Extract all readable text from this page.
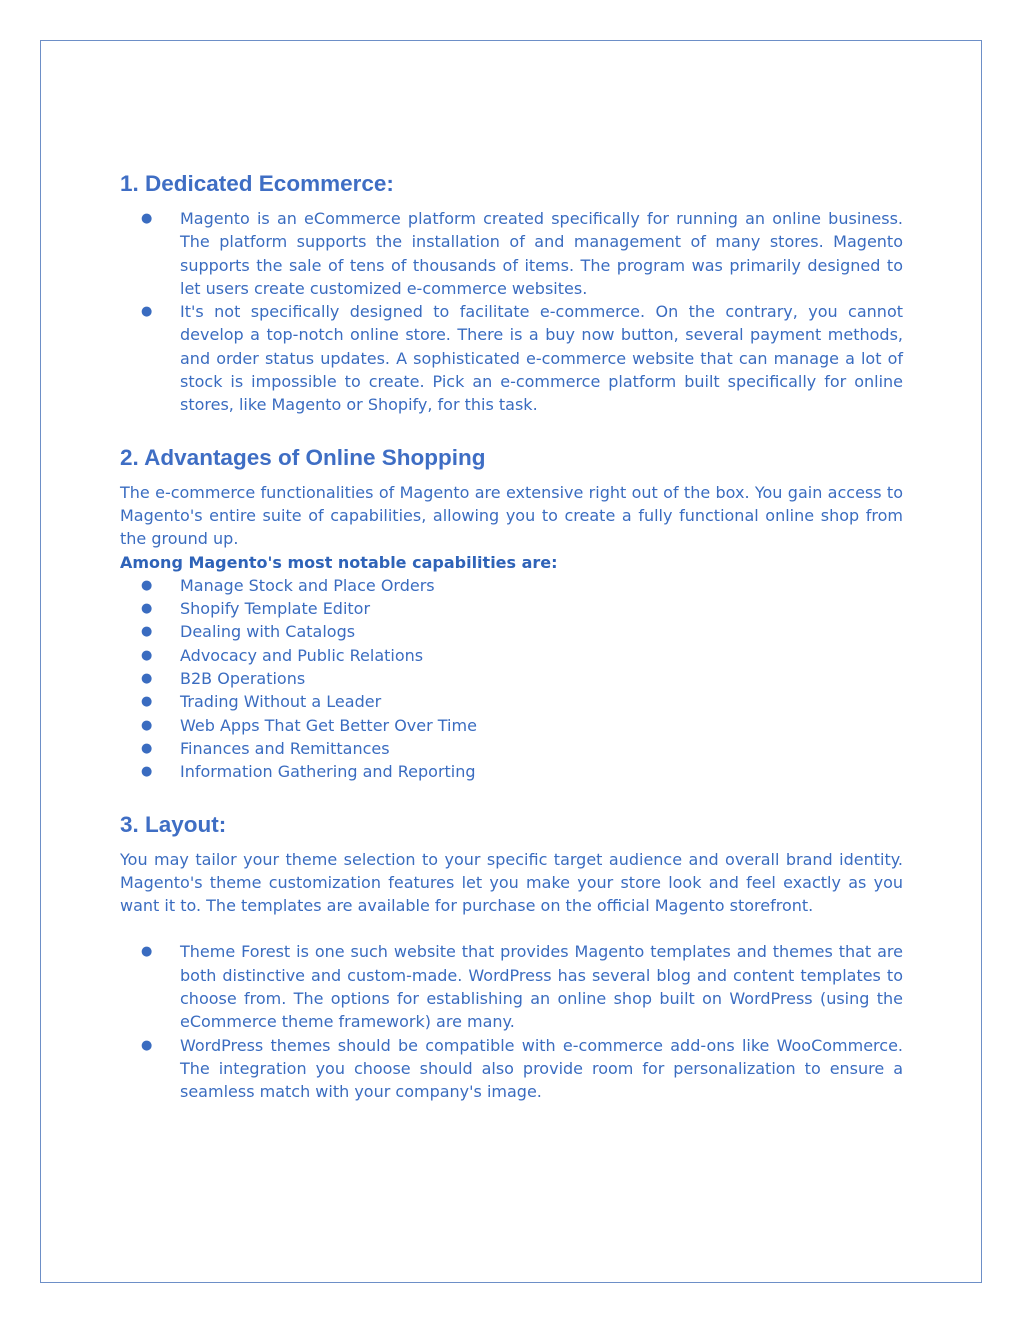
1. Dedicated Ecommerce:
● Magento is an eCommerce platform created specifically for running an online business. The platform supports the installation of and management of many stores. Magento supports the sale of tens of thousands of items. The program was primarily designed to let users create customized e-commerce websites.
● It's not specifically designed to facilitate e-commerce. On the contrary, you cannot develop a top-notch online store. There is a buy now button, several payment methods, and order status updates. A sophisticated e-commerce website that can manage a lot of stock is impossible to create. Pick an e-commerce platform built specifically for online stores, like Magento or Shopify, for this task.
2. Advantages of Online Shopping

The e-commerce functionalities of Magento are extensive right out of the box. You gain access to Magento's entire suite of capabilities, allowing you to create a fully functional online shop from the ground up.

Among Magento's most notable capabilities are:

● Manage Stock and Place Orders
● Shopify Template Editor
● Dealing with Catalogs
● Advocacy and Public Relations
● B2B Operations
● Trading Without a Leader
● Web Apps That Get Better Over Time
● Finances and Remittances
● Information Gathering and Reporting
3. Layout:

You may tailor your theme selection to your specific target audience and overall brand identity. Magento's theme customization features let you make your store look and feel exactly as you want it to. The templates are available for purchase on the official Magento storefront.

● Theme Forest is one such website that provides Magento templates and themes that are both distinctive and custom-made. WordPress has several blog and content templates to choose from. The options for establishing an online shop built on WordPress (using the eCommerce theme framework) are many.
● WordPress themes should be compatible with e-commerce add-ons like WooCommerce. The integration you choose should also provide room for personalization to ensure a seamless match with your company's image.
